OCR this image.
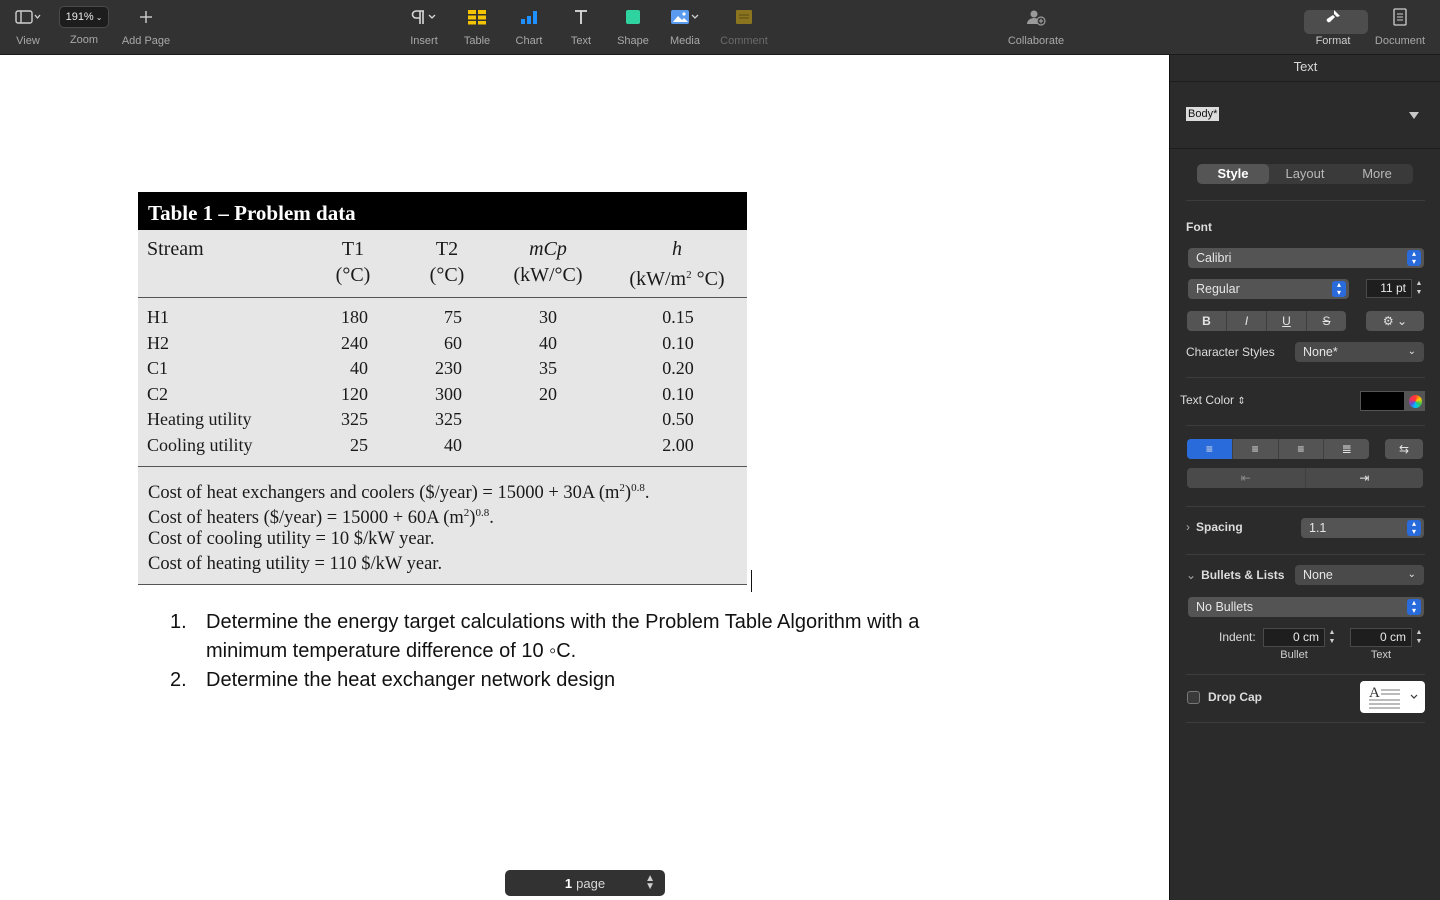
View
191% ⌄
Zoom Add Page	Insert Table Chart	Text Shape Media Comment	Collaborate	Format Document
Table 1 – Problem data
Stream	T1
(°C)
T2
(°C)
mCp
(kW/°C)
h
($kW/m^2$ °C)
H1	180	75	30	0.15
H2	240	60	40	0.10
C1	40	230	35	0.20
C2	120	300	20	0.10
Heating utility	325	325	0.50
Cooling utility	25	40	2.00
Cost of heat exchangers and coolers ($/year) = 15000 + 30A $(m^2)^{0.8}$.
Cost of heaters ($/year) = 15000 + 60A $(m^2)^{0.8}$.
Cost of cooling utility = 10 $/kW year.
Cost of heating utility = 110 $/kW year.
1. Determine the energy target calculations with the Problem Table Algorithm with a
minimum temperature difference of 10 ◦C.
2. Determine the heat exchanger network design
1 page	▲
▼
Text
Body*
Style	Layout	More
Font
Calibri	▴
▾
Regular	▴
▾	11 pt	▲
▼
B	I	U	S	⚙ ⌄
Character Styles	None*	⌄
Text Color ⇕
≡	≡	≡	≣	⇆
⇤	⇥
› Spacing	1.1	▴
▾
⌄ Bullets & Lists	None	⌄
No Bullets	▴
▾
Indent:	0 cm	▲
▼	0 cm	▲
▼
Bullet	Text
Drop Cap	A
